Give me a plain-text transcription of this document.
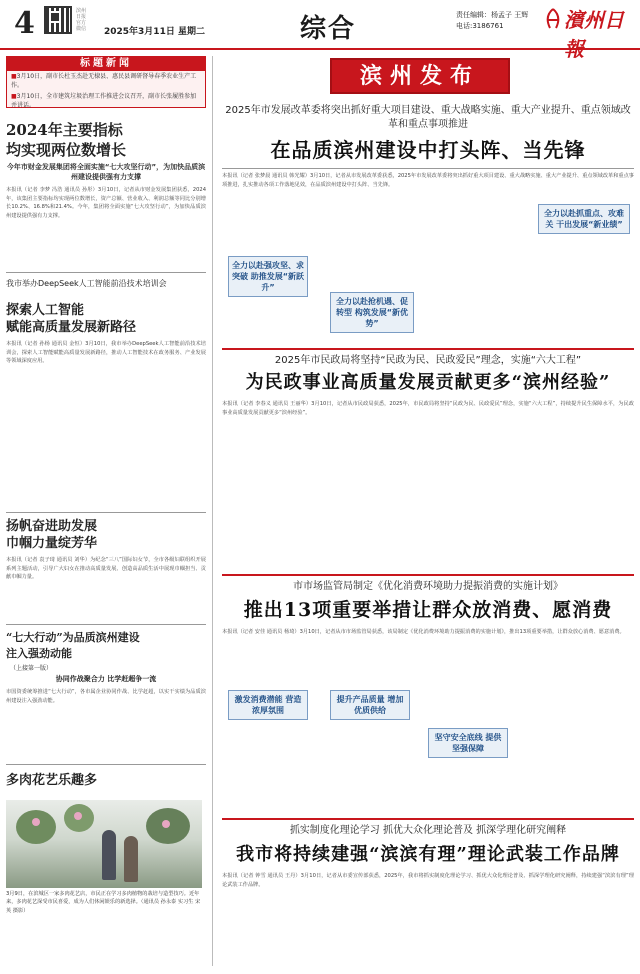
4	滨州日报官方微信 2025年3月11日 星期二	综合	责任编辑：杨孟子 王辉
电话:3186761	濱州日報
标题新闻

■3月10日，副市长杜玉杰赴无棣县、惠民县调研督导春季农业生产工作。

■3月10日，全市建筑垃圾治理工作推进会议召开，副市长张履胜参加并讲话。

滨州发布
2025年市发展改革委将突出抓好重大项目建设、重大战略实施、重大产业提升、重点领域改革和重点事项推进
在品质滨州建设中打头阵、当先锋
本报讯（记者 张梦晨 通讯员 韩光耀）3月10日，记者从市发展改革委获悉，2025年市发展改革委将突出抓好重大项目建设、重大战略实施、重大产业提升、重点领域改革和重点事项推进，扎实推动各项工作落地见效，在品质滨州建设中打头阵、当先锋。
全力以赴强攻坚、求突破 助推发展“新跃升”
全力以赴抢机遇、促转型 构筑发展“新优势”
全力以赴抓重点、攻难关 干出发展“新业绩”
2025年市民政局将坚持“民政为民、民政爱民”理念，实施“六大工程”
为民政事业高质量发展贡献更多“滨州经验”
本报讯（记者 李春义 通讯员 王丽华）3月10日，记者从市民政局获悉，2025年，市民政局将坚持“民政为民、民政爱民”理念，实施“六大工程”，持续提升民生保障水平，为民政事业高质量发展贡献更多“滨州经验”。
市市场监管局制定《优化消费环境助力提振消费的实施计划》
推出13项重要举措让群众放消费、愿消费
本报讯（记者 安佳 通讯员 杨琦）3月10日，记者从市市场监管局获悉，该局制定《优化消费环境助力提振消费的实施计划》，推出13项重要举措，让群众放心消费、愿意消费。
激发消费潜能 营造浓厚氛围
提升产品质量 增加优质供给
坚守安全底线 提供坚强保障
抓实制度化理论学习 抓优大众化理论普及 抓深学理化研究阐释
我市将持续建强“滨滨有理”理论武装工作品牌
本报讯（记者 钟雪 通讯员 王丹）3月10日，记者从市委宣传部获悉，2025年，我市将抓实制度化理论学习、抓优大众化理论普及、抓深学理化研究阐释，持续建强“滨滨有理”理论武装工作品牌。
2024年主要指标
均实现两位数增长
今年市财金发展集团将全面实施“七大攻坚行动”，为加快品质滨州建设提供强有力支撑
本报讯（记者 李梦 冯浩 通讯员 孙彤）3月10日，记者从市财金发展集团获悉，2024年，该集团主要指标均实现两位数增长，资产总额、营业收入、利润总额等同比分别增长10.2%、16.8%和21.4%。今年，集团将全面实施“七大攻坚行动”，为加快品质滨州建设提供强有力支撑。
我市举办DeepSeek人工智能前沿技术培训会
探索人工智能
赋能高质量发展新路径
本报讯（记者 孙杨 通讯员 金恒）3月10日，我市举办DeepSeek人工智能前沿技术培训会，探索人工智能赋能高质量发展新路径，推动人工智能技术在政务服务、产业发展等领域深度应用。
扬帆奋进助发展
巾帼力量绽芳华
本报讯（记者 袁子琦 通讯员 刘华）为纪念“三八”国际妇女节，全市各级妇联组织开展系列主题活动，引导广大妇女在推动高质量发展、创造高品质生活中展现巾帼担当、贡献巾帼力量。
“七大行动”为品质滨州建设
注入强劲动能
（上接第一版）
协同作战聚合力 比学赶超争一流
市国资委统筹推进“七大行动”，各市属企业协同作战、比学赶超，以实干实绩为品质滨州建设注入强劲动能。
多肉花艺乐趣多
3月9日，在滨城区一家多肉花艺店，市民正在学习多肉植物的栽培与造型技巧。近年来，多肉花艺深受市民喜爱，成为人们休闲娱乐的新选择。（通讯员 孙永泰 实习生 宋英 摄影）
